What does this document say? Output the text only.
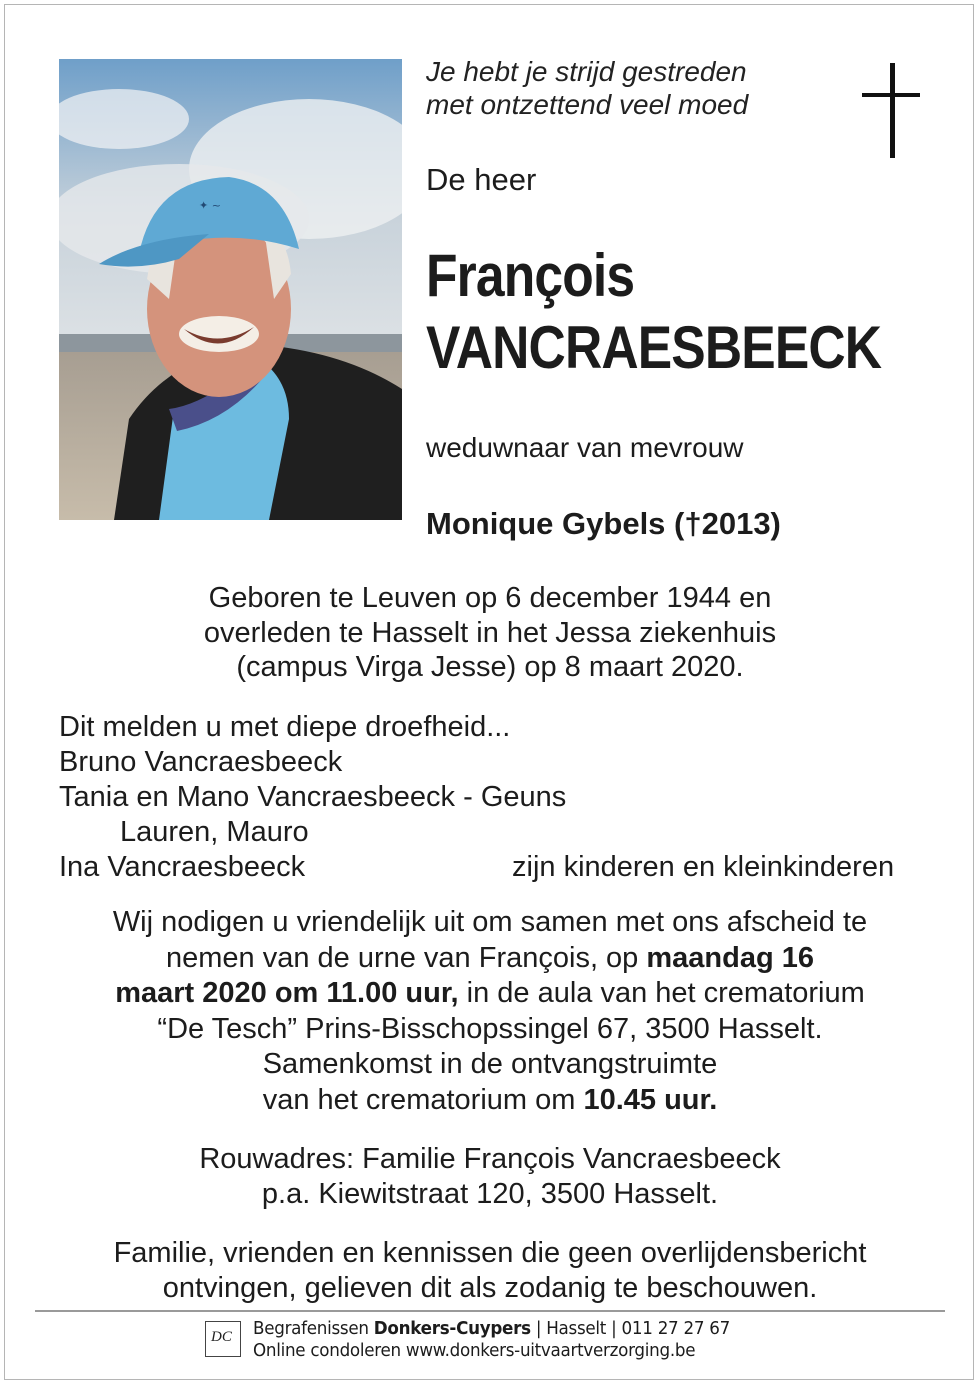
✦ ~
Je hebt je strijd gestreden
met ontzettend veel moed
De heer
François
VANCRAESBEECK
weduwnaar van mevrouw
Monique Gybels (†2013)
Geboren te Leuven op 6 december 1944 en
overleden te Hasselt in het Jessa ziekenhuis
(campus Virga Jesse) op 8 maart 2020.
Dit melden u met diepe droefheid...
Bruno Vancraesbeeck
Tania en Mano Vancraesbeeck - Geuns
Lauren, Mauro
Ina Vancraesbeeck	zijn kinderen en kleinkinderen
Wij nodigen u vriendelijk uit om samen met ons afscheid te
nemen van de urne van François, op maandag 16
maart 2020 om 11.00 uur, in de aula van het crematorium
“De Tesch” Prins-Bisschopssingel 67, 3500 Hasselt.
Samenkomst in de ontvangstruimte
van het crematorium om 10.45 uur.
Rouwadres: Familie François Vancraesbeeck
p.a. Kiewitstraat 120, 3500 Hasselt.
Familie, vrienden en kennissen die geen overlijdensbericht
ontvingen, gelieven dit als zodanig te beschouwen.
DC Begrafenissen Donkers-Cuypers | Hasselt | 011 27 27 67
Online condoleren www.donkers-uitvaartverzorging.be
